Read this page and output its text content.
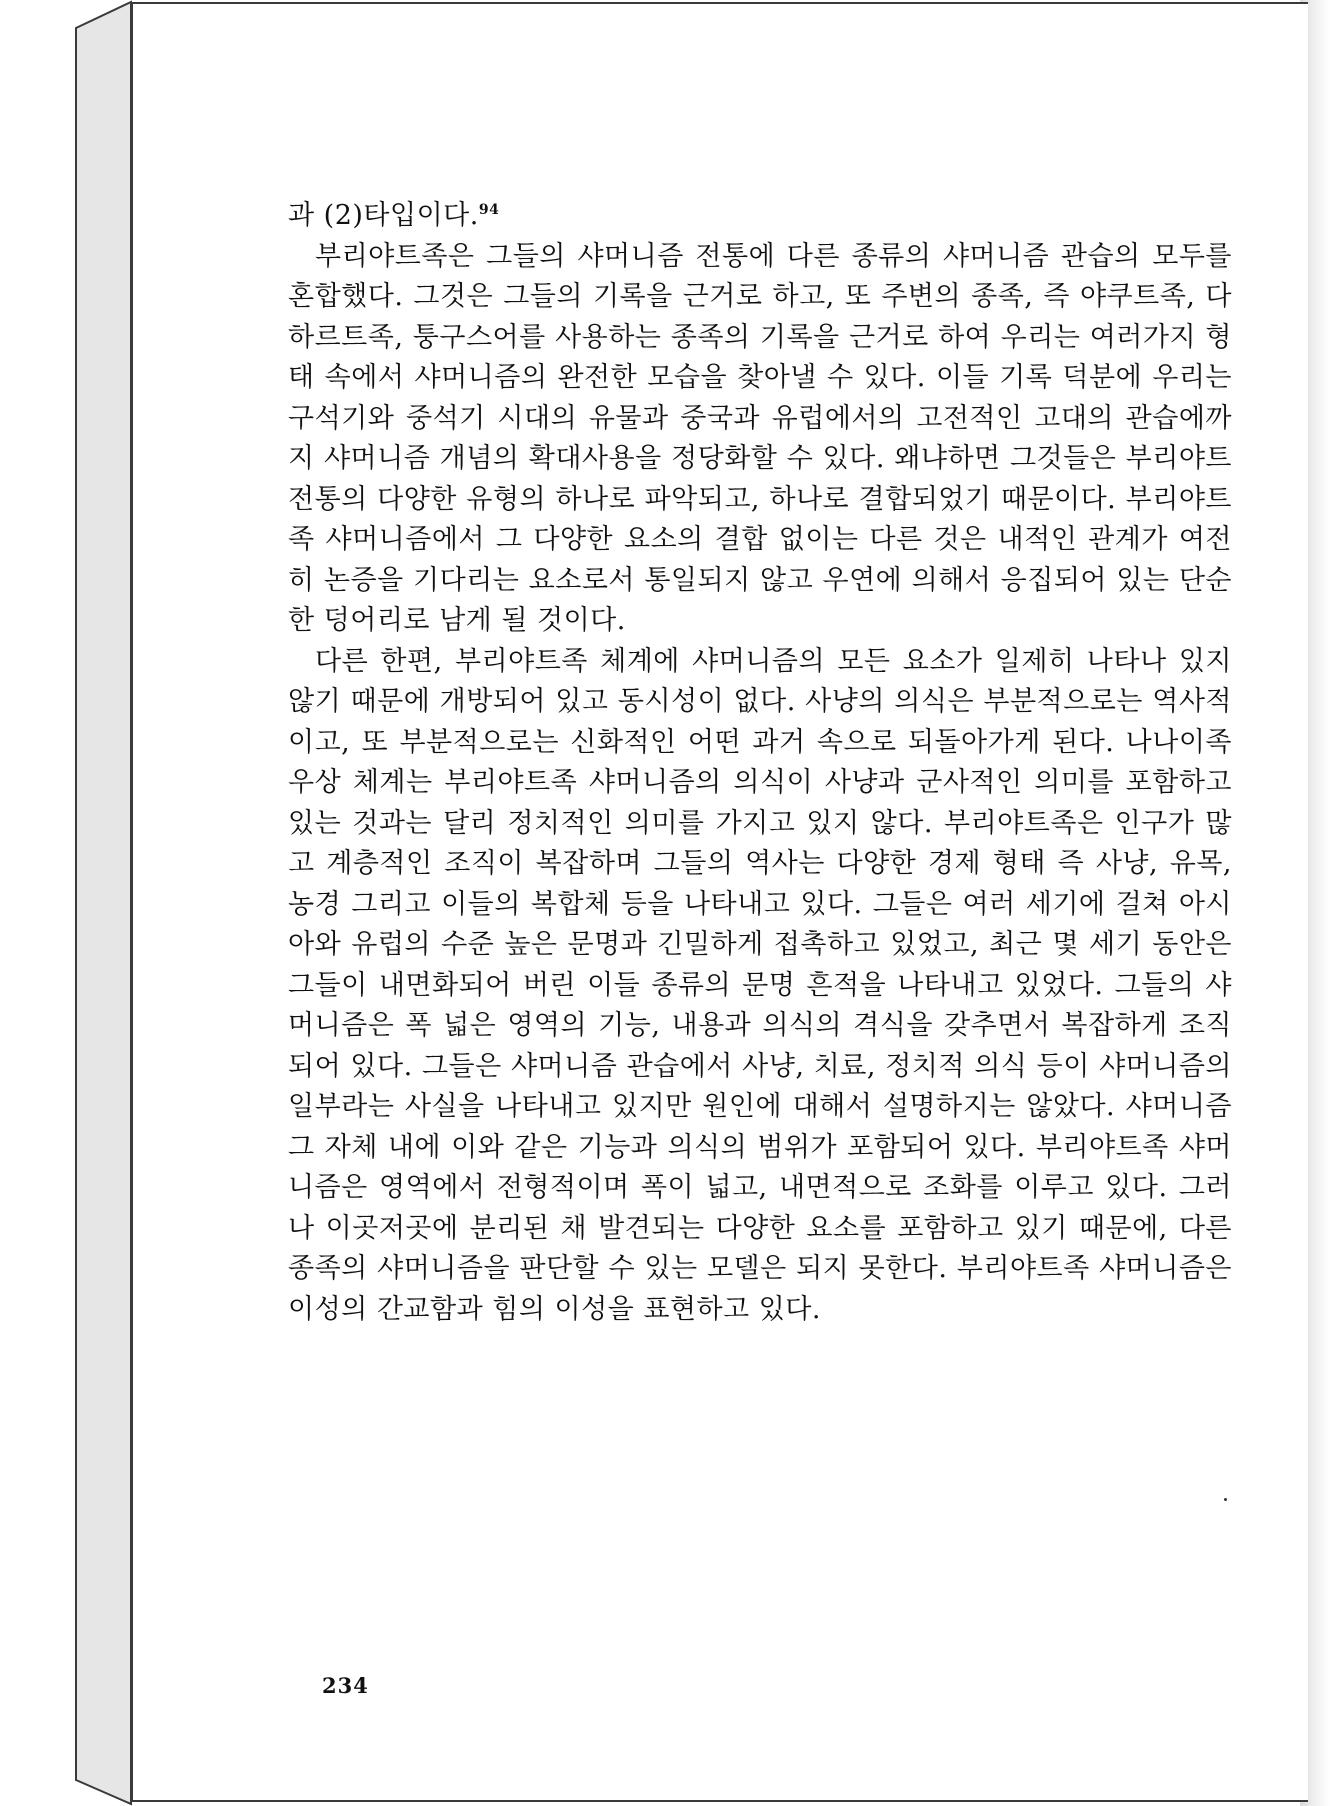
과 (2)타입이다.$^{94}$

부리야트족은 그들의 샤머니즘 전통에 다른 종류의 샤머니즘 관습의 모두를 혼합했다. 그것은 그들의 기록을 근거로 하고, 또 주변의 종족, 즉 야쿠트족, 다하르트족, 퉁구스어를 사용하는 종족의 기록을 근거로 하여 우리는 여러가지 형태 속에서 샤머니즘의 완전한 모습을 찾아낼 수 있다. 이들 기록 덕분에 우리는 구석기와 중석기 시대의 유물과 중국과 유럽에서의 고전적인 고대의 관습에까지 샤머니즘 개념의 확대사용을 정당화할 수 있다. 왜냐하면 그것들은 부리야트 전통의 다양한 유형의 하나로 파악되고, 하나로 결합되었기 때문이다. 부리야트족 샤머니즘에서 그 다양한 요소의 결합 없이는 다른 것은 내적인 관계가 여전히 논증을 기다리는 요소로서 통일되지 않고 우연에 의해서 응집되어 있는 단순한 덩어리로 남게 될 것이다.

다른 한편, 부리야트족 체계에 샤머니즘의 모든 요소가 일제히 나타나 있지 않기 때문에 개방되어 있고 동시성이 없다. 사냥의 의식은 부분적으로는 역사적이고, 또 부분적으로는 신화적인 어떤 과거 속으로 되돌아가게 된다. 나나이족 우상 체계는 부리야트족 샤머니즘의 의식이 사냥과 군사적인 의미를 포함하고 있는 것과는 달리 정치적인 의미를 가지고 있지 않다. 부리야트족은 인구가 많고 계층적인 조직이 복잡하며 그들의 역사는 다양한 경제 형태 즉 사냥, 유목, 농경 그리고 이들의 복합체 등을 나타내고 있다. 그들은 여러 세기에 걸쳐 아시아와 유럽의 수준 높은 문명과 긴밀하게 접촉하고 있었고, 최근 몇 세기 동안은 그들이 내면화되어 버린 이들 종류의 문명 흔적을 나타내고 있었다. 그들의 샤머니즘은 폭 넓은 영역의 기능, 내용과 의식의 격식을 갖추면서 복잡하게 조직되어 있다. 그들은 샤머니즘 관습에서 사냥, 치료, 정치적 의식 등이 샤머니즘의 일부라는 사실을 나타내고 있지만 원인에 대해서 설명하지는 않았다. 샤머니즘 그 자체 내에 이와 같은 기능과 의식의 범위가 포함되어 있다. 부리야트족 샤머니즘은 영역에서 전형적이며 폭이 넓고, 내면적으로 조화를 이루고 있다. 그러나 이곳저곳에 분리된 채 발견되는 다양한 요소를 포함하고 있기 때문에, 다른 종족의 샤머니즘을 판단할 수 있는 모델은 되지 못한다. 부리야트족 샤머니즘은 이성의 간교함과 힘의 이성을 표현하고 있다.

234
